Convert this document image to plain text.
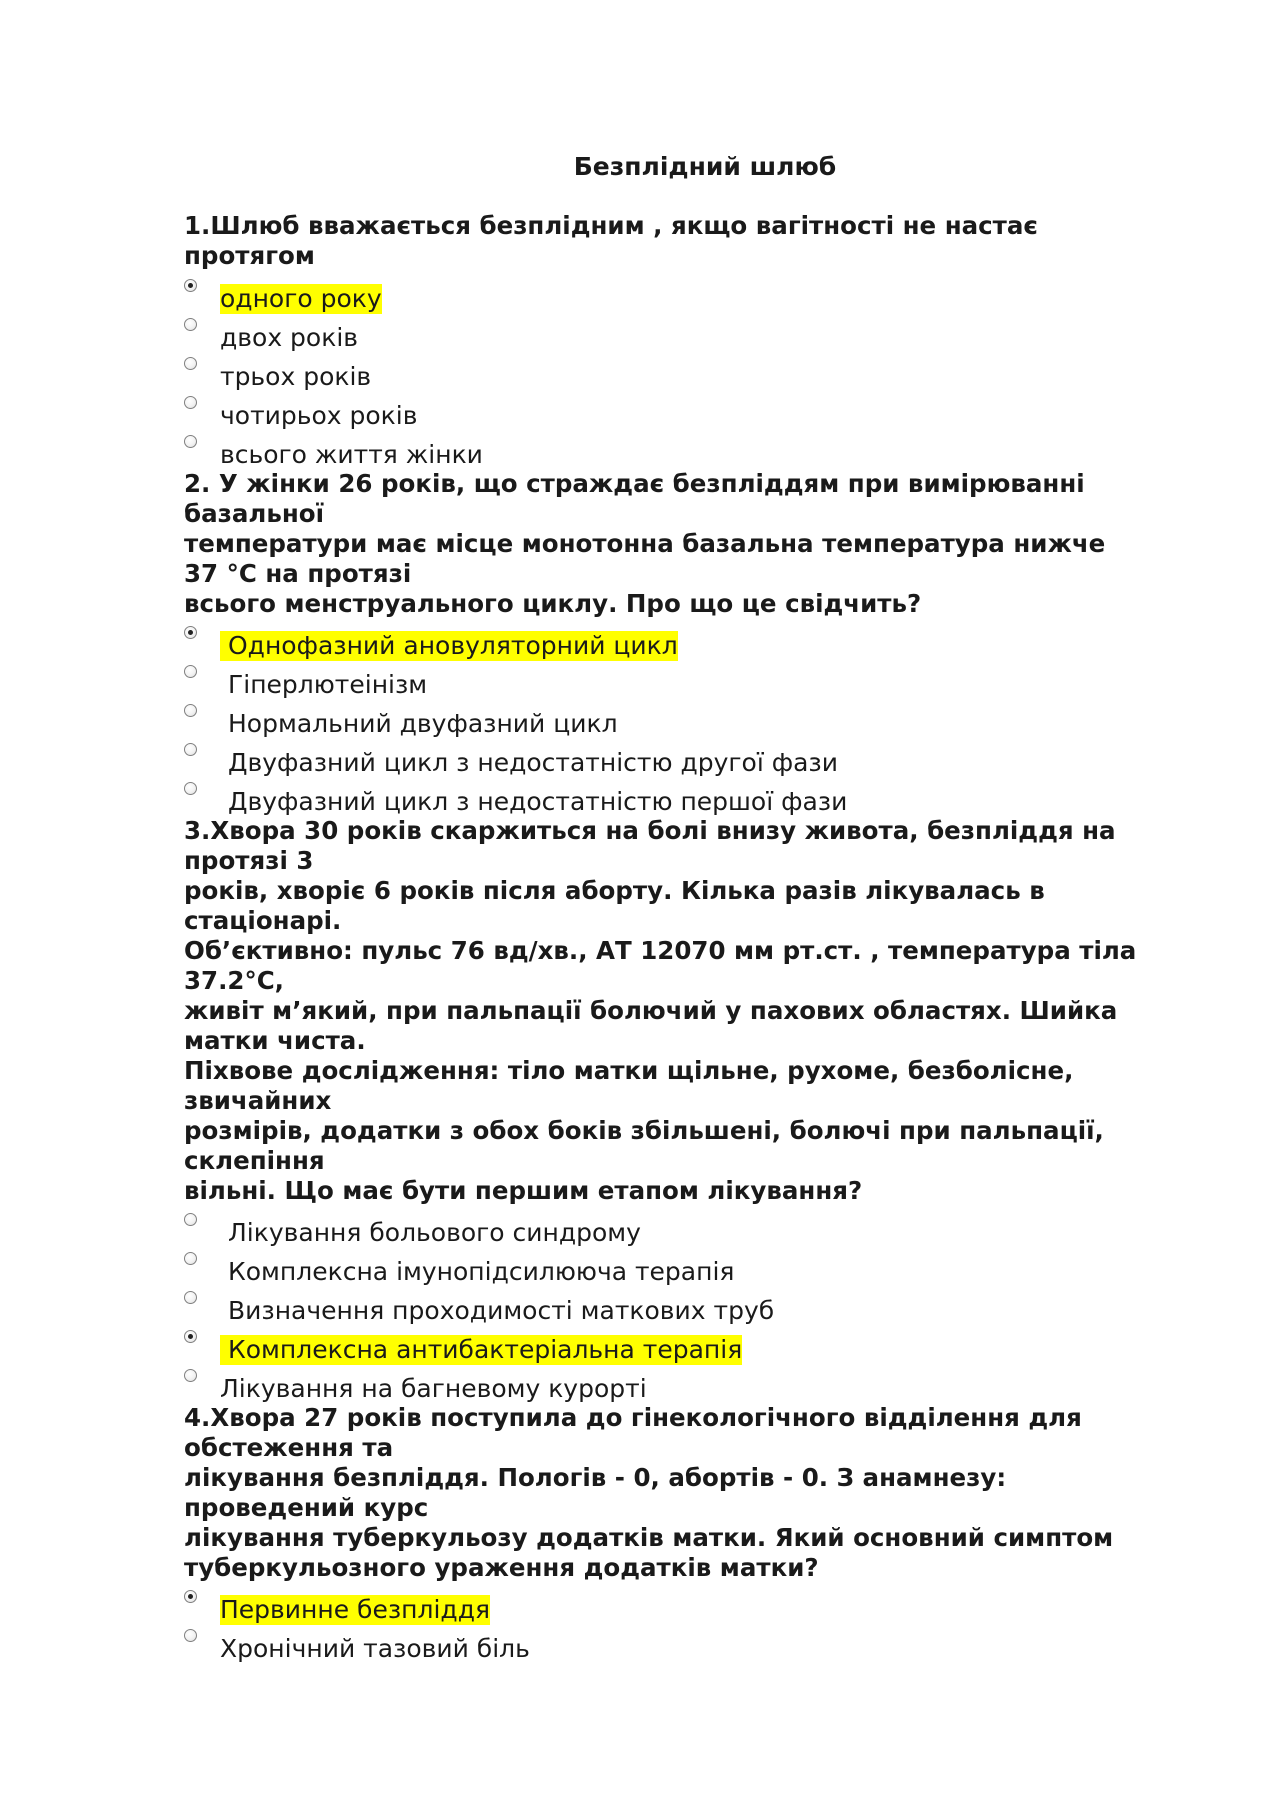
Безплідний шлюб
1.Шлюб вважається безплідним , якщо вагітності не настає
протягом
одного року
двох років
трьох років
чотирьох років
всього життя жінки
2. У жінки 26 років, що страждає безпліддям при вимірюванні
базальної
температури має місце монотонна базальна температура нижче
37 °С на протязі
всього менструального циклу. Про що це свідчить?
Однофазний ановуляторний цикл
Гіперлютеінізм
Нормальний двуфазний цикл
Двуфазний цикл з недостатністю другої фази
Двуфазний цикл з недостатністю першої фази
3.Хвора 30 років скаржиться на болі внизу живота, безпліддя на
протязі 3
років, хворіє 6 років після аборту. Кілька разів лікувалась в
стаціонарі.
Об’єктивно: пульс 76 вд/хв., АТ 12070 мм рт.ст. , температура тіла
37.2°С,
живіт м’який, при пальпації болючий у пахових областях. Шийка
матки чиста.
Піхвове дослідження: тіло матки щільне, рухоме, безболісне,
звичайних
розмірів, додатки з обох боків збільшені, болючі при пальпації,
склепіння
вільні. Що має бути першим етапом лікування?
Лікування больового синдрому
Комплексна імунопідсилююча терапія
Визначення проходимості маткових труб
Комплексна антибактеріальна терапія
Лікування на багневому курорті
4.Хвора 27 років поступила до гінекологічного відділення для
обстеження та
лікування безпліддя. Пологів - 0, абортів - 0. З анамнезу:
проведений курс
лікування туберкульозу додатків матки. Який основний симптом
туберкульозного ураження додатків матки?
Первинне безпліддя
Хронічний тазовий біль
